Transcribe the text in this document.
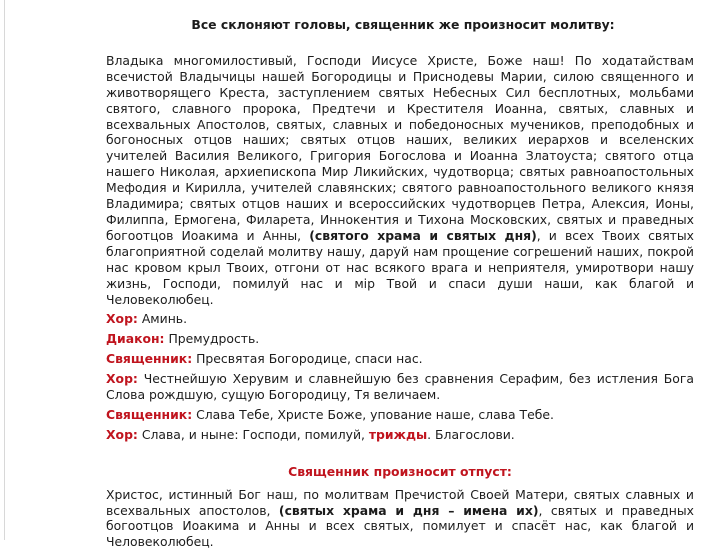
Все склоняют головы, священник же произносит молитву:
Владыка многомилостивый, Господи Иисусе Христе, Боже наш! По ходатайствам всечистой Владычицы нашей Богородицы и Приснодевы Марии, силою священного и животворящего Креста, заступлением святых Небесных Сил бесплотных, мольбами святого, славного пророка, Предтечи и Крестителя Иоанна, святых, славных и всехвальных Апостолов, святых, славных и победоносных мучеников, преподобных и богоносных отцов наших; святых отцов наших, великих иерархов и вселенских учителей Василия Великого, Григория Богослова и Иоанна Златоуста; святого отца нашего Николая, архиепископа Мир Ликийских, чудотворца; святых равноапостольных Мефодия и Кирилла, учителей славянских; святого равноапостольного великого князя Владимира; святых отцов наших и всероссийских чудотворцев Петра, Алексия, Ионы, Филиппа, Ермогена, Филарета, Иннокентия и Тихона Московских, святых и праведных богоотцов Иоакима и Анны, (святого храма и святых дня), и всех Твоих святых благоприятной соделай молитву нашу, даруй нам прощение согрешений наших, покрой нас кровом крыл Твоих, отгони от нас всякого врага и неприятеля, умиротвори нашу жизнь, Господи, помилуй нас и мір Твой и спаси души наши, как благой и Человеколюбец.

Хор: Аминь.

Диакон: Премудрость.

Священник: Пресвятая Богородице, спаси нас.

Хор: Честнейшую Херувим и славнейшую без сравнения Серафим, без истления Бога Слова рождшую, сущую Богородицу, Тя величаем.

Священник: Слава Тебе, Христе Боже, упование наше, слава Тебе.

Хор: Слава, и ныне: Господи, помилуй, трижды. Благослови.

Священник произносит отпуст:
Христос, истинный Бог наш, по молитвам Пречистой Своей Матери, святых славных и всехвальных апостолов, (святых храма и дня – имена их), святых и праведных богоотцов Иоакима и Анны и всех святых, помилует и спасёт нас, как благой и Человеколюбец.
